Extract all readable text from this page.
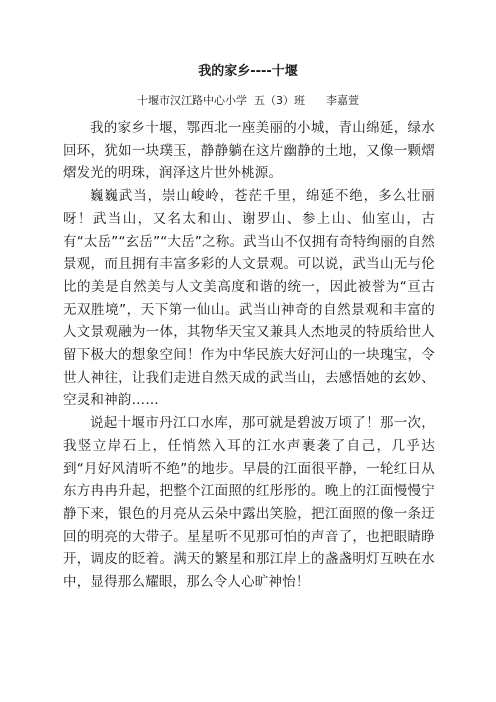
我的家乡----十堰

十堰市汉江路中心小学  五（3）班      李嘉萱

我的家乡十堰，鄂西北一座美丽的小城，青山绵延，绿水回环，犹如一块璞玉，静静躺在这片幽静的土地，又像一颗熠熠发光的明珠，润泽这片世外桃源。

巍巍武当，崇山峻岭，苍茫千里，绵延不绝，多么壮丽呀！武当山，又名太和山、谢罗山、参上山、仙室山，古有“太岳”“玄岳”“大岳”之称。武当山不仅拥有奇特绚丽的自然景观，而且拥有丰富多彩的人文景观。可以说，武当山无与伦比的美是自然美与人文美高度和谐的统一，因此被誉为“亘古无双胜境”，天下第一仙山。武当山神奇的自然景观和丰富的人文景观融为一体，其物华天宝又兼具人杰地灵的特质给世人留下极大的想象空间！作为中华民族大好河山的一块瑰宝，令世人神往，让我们走进自然天成的武当山，去感悟她的玄妙、空灵和神韵……

说起十堰市丹江口水库，那可就是碧波万顷了！那一次，我竖立岸石上，任悄然入耳的江水声裹袭了自己，几乎达到“月好风清听不绝”的地步。早晨的江面很平静，一轮红日从东方冉冉升起，把整个江面照的红彤彤的。晚上的江面慢慢宁静下来，银色的月亮从云朵中露出笑脸，把江面照的像一条迂回的明亮的大带子。星星听不见那可怕的声音了，也把眼睛睁开，调皮的眨着。满天的繁星和那江岸上的盏盏明灯互映在水中，显得那么耀眼，那么令人心旷神怡！
